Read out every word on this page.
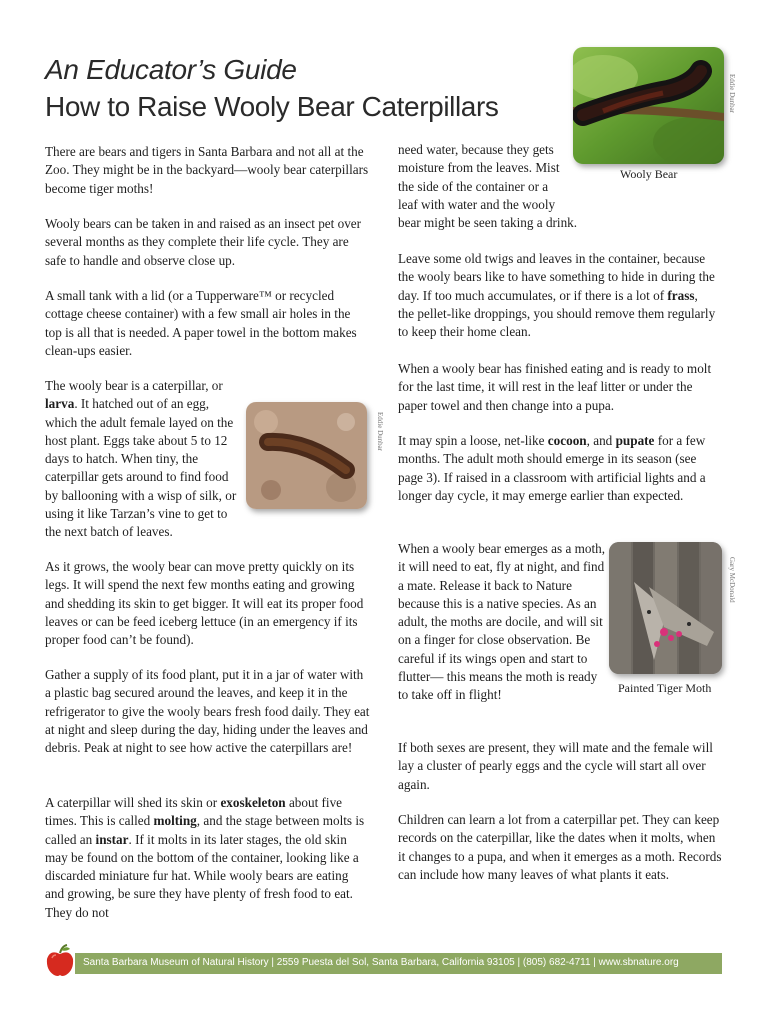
An Educator’s Guide
How to Raise Wooly Bear Caterpillars	Eddie Dunbar
Wooly Bear

There are bears and tigers in Santa Barbara and not all at the Zoo. They might be in the backyard—wooly bear caterpillars become tiger moths!

Wooly bears can be taken in and raised as an insect pet over several months as they complete their life cycle. They are safe to handle and observe close up.

A small tank with a lid (or a Tupperware™ or recycled cottage cheese container) with a few small air holes in the top is all that is needed. A paper towel in the bottom makes clean-ups easier.

The wooly bear is a caterpillar, or larva. It hatched out of an egg, which the adult female layed on the host plant. Eggs take about 5 to 12 days to hatch. When tiny, the caterpillar gets around to find food by ballooning with a wisp of silk, or using it like Tarzan’s vine to get to the next batch of leaves.

Eddie Dunbar

As it grows, the wooly bear can move pretty quickly on its legs. It will spend the next few months eating and growing and shedding its skin to get bigger. It will eat its proper food leaves or can be feed iceberg lettuce (in an emergency if its proper food can’t be found).

Gather a supply of its food plant, put it in a jar of water with a plastic bag secured around the leaves, and keep it in the refrigerator to give the wooly bears fresh food daily. They eat at night and sleep during the day, hiding under the leaves and debris. Peak at night to see how active the caterpillars are!

A caterpillar will shed its skin or exoskeleton about five times. This is called molting, and the stage between molts is called an instar. If it molts in its later stages, the old skin may be found on the bottom of the container, looking like a discarded miniature fur hat. While wooly bears are eating and growing, be sure they have plenty of fresh food to eat. They do not

need water, because they gets moisture from the leaves. Mist the side of the container or a leaf with water and the wooly bear might be seen taking a drink.

Leave some old twigs and leaves in the container, because the wooly bears like to have something to hide in during the day. If too much accumulates, or if there is a lot of frass, the pellet-like droppings, you should remove them regularly to keep their home clean.

When a wooly bear has finished eating and is ready to molt for the last time, it will rest in the leaf litter or under the paper towel and then change into a pupa.

It may spin a loose, net-like cocoon, and pupate for a few months. The adult moth should emerge in its season (see page 3). If raised in a classroom with artificial lights and a longer day cycle, it may emerge earlier than expected.

When a wooly bear emerges as a moth, it will need to eat, fly at night, and find a mate. Release it back to Nature because this is a native species. As an adult, the moths are docile, and will sit on a finger for close observation. Be careful if its wings open and start to flutter— this means the moth is ready to take off in flight!

Gary McDonald
Painted Tiger Moth

If both sexes are present, they will mate and the female will lay a cluster of pearly eggs and the cycle will start all over again.

Children can learn a lot from a caterpillar pet. They can keep records on the caterpillar, like the dates when it molts, when it changes to a pupa, and when it emerges as a moth. Records can include how many leaves of what plants it eats.

Santa Barbara Museum of Natural History | 2559 Puesta del Sol, Santa Barbara, California 93105 | (805) 682-4711 | www.sbnature.org
